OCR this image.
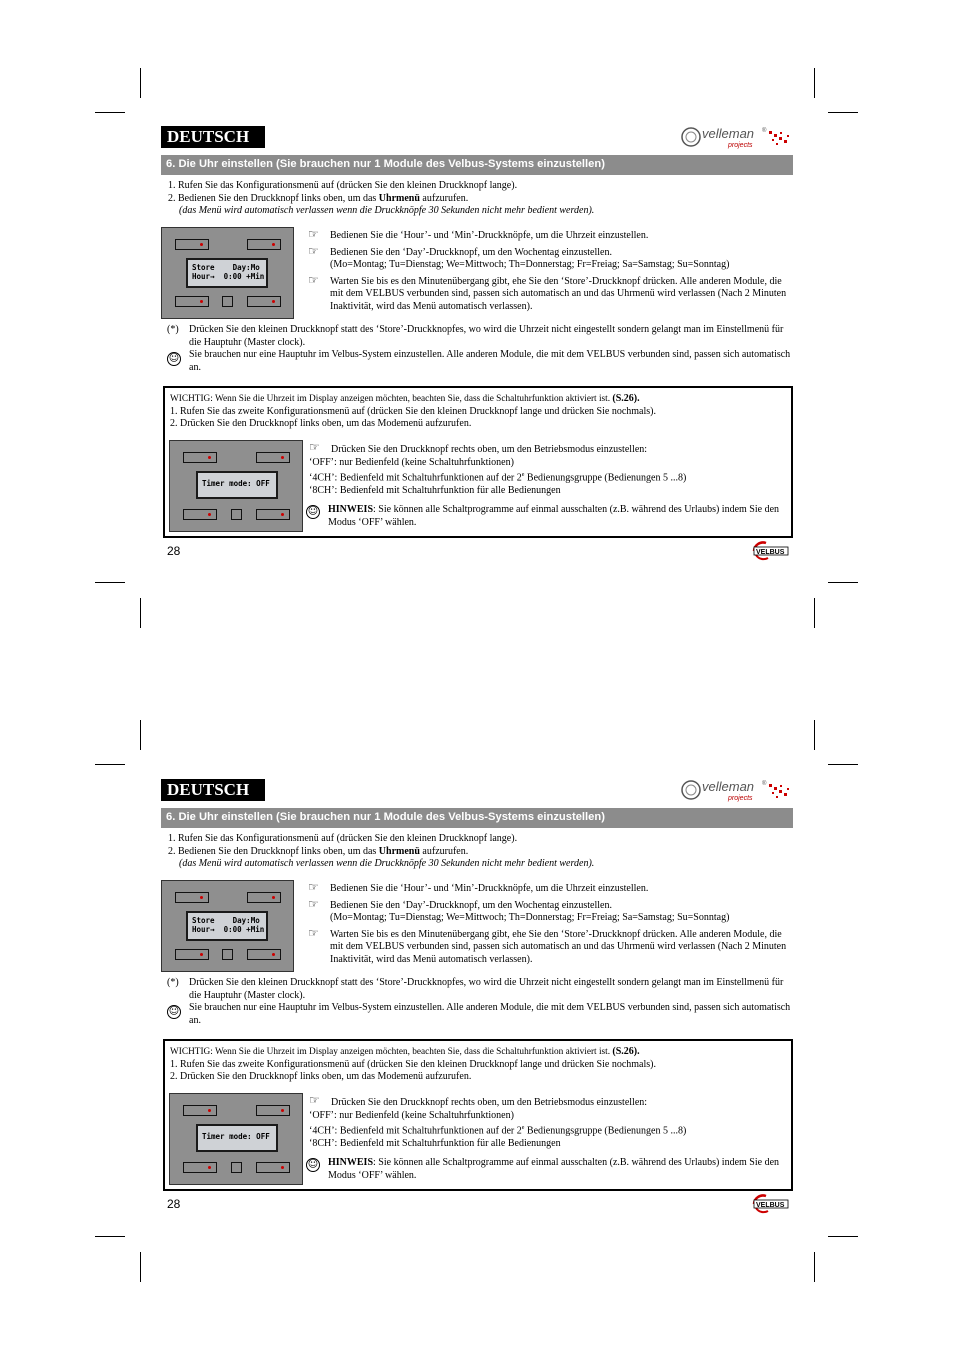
DEUTSCH	velleman
projects
®
6. Die Uhr einstellen (Sie brauchen nur 1 Module des Velbus-Systems einzustellen)
1. Rufen Sie das Konfigurationsmenü auf (drücken Sie den kleinen Druckknopf lange).
2. Bedienen Sie den Druckknopf links oben, um das Uhrmenü aufzurufen.
(das Menü wird automatisch verlassen wenn die Druckknöpfe 30 Sekunden nicht mehr bedient werden).
Store    Day:Mo
Hour→  0:00 +Min
☞ Bedienen Sie die ‘Hour’- und ‘Min’-Druckknöpfe, um die Uhrzeit einzustellen.
☞ Bedienen Sie den ‘Day’-Druckknopf, um den Wochentag einzustellen.
(Mo=Montag; Tu=Dienstag; We=Mittwoch; Th=Donnerstag; Fr=Freiag; Sa=Samstag; Su=Sonntag)
☞ Warten Sie bis es den Minutenübergang gibt, ehe Sie den ‘Store’-Druckknopf drücken. Alle anderen Module, die mit dem VELBUS verbunden sind, passen sich automatisch an und das Uhrmenü wird verlassen (Nach 2 Minuten Inaktivität, wird das Menü automatisch verlassen).
(*)	Drücken Sie den kleinen Druckknopf statt des ‘Store’-Druckknopfes, wo wird die Uhrzeit nicht eingestellt sondern gelangt man im Einstellmenü für die Hauptuhr (Master clock).
☺ Sie brauchen nur eine Hauptuhr im Velbus-System einzustellen. Alle anderen Module, die mit dem VELBUS verbunden sind, passen sich automatisch an.
WICHTIG: Wenn Sie die Uhrzeit im Display anzeigen möchten, beachten Sie, dass die Schaltuhrfunktion aktiviert ist. (S.26).
1. Rufen Sie das zweite Konfigurationsmenü auf (drücken Sie den kleinen Druckknopf lange und drücken Sie nochmals).
2. Drücken Sie den Druckknopf links oben, um das Modemenü aufzurufen.
Timer mode: OFF
☞ Drücken Sie den Druckknopf rechts oben, um den Betriebsmodus einzustellen:
‘OFF’: nur Bedienfeld (keine Schaltuhrfunktionen)
‘4CH’: Bedienfeld mit Schaltuhrfunktionen auf der 2e Bedienungsgruppe (Bedienungen 5 ...8)
‘8CH’: Bedienfeld mit Schaltuhrfunktion für alle Bedienungen
☺ HINWEIS: Sie können alle Schaltprogramme auf einmal ausschalten (z.B. während des Urlaubs) indem Sie den Modus ‘OFF’ wählen.
28	VELBUS
DEUTSCH	velleman
projects
®
6. Die Uhr einstellen (Sie brauchen nur 1 Module des Velbus-Systems einzustellen)
1. Rufen Sie das Konfigurationsmenü auf (drücken Sie den kleinen Druckknopf lange).
2. Bedienen Sie den Druckknopf links oben, um das Uhrmenü aufzurufen.
(das Menü wird automatisch verlassen wenn die Druckknöpfe 30 Sekunden nicht mehr bedient werden).
Store    Day:Mo
Hour→  0:00 +Min
☞ Bedienen Sie die ‘Hour’- und ‘Min’-Druckknöpfe, um die Uhrzeit einzustellen.
☞ Bedienen Sie den ‘Day’-Druckknopf, um den Wochentag einzustellen.
(Mo=Montag; Tu=Dienstag; We=Mittwoch; Th=Donnerstag; Fr=Freiag; Sa=Samstag; Su=Sonntag)
☞ Warten Sie bis es den Minutenübergang gibt, ehe Sie den ‘Store’-Druckknopf drücken. Alle anderen Module, die mit dem VELBUS verbunden sind, passen sich automatisch an und das Uhrmenü wird verlassen (Nach 2 Minuten Inaktivität, wird das Menü automatisch verlassen).
(*)	Drücken Sie den kleinen Druckknopf statt des ‘Store’-Druckknopfes, wo wird die Uhrzeit nicht eingestellt sondern gelangt man im Einstellmenü für die Hauptuhr (Master clock).
☺ Sie brauchen nur eine Hauptuhr im Velbus-System einzustellen. Alle anderen Module, die mit dem VELBUS verbunden sind, passen sich automatisch an.
WICHTIG: Wenn Sie die Uhrzeit im Display anzeigen möchten, beachten Sie, dass die Schaltuhrfunktion aktiviert ist. (S.26).
1. Rufen Sie das zweite Konfigurationsmenü auf (drücken Sie den kleinen Druckknopf lange und drücken Sie nochmals).
2. Drücken Sie den Druckknopf links oben, um das Modemenü aufzurufen.
Timer mode: OFF
☞ Drücken Sie den Druckknopf rechts oben, um den Betriebsmodus einzustellen:
‘OFF’: nur Bedienfeld (keine Schaltuhrfunktionen)
‘4CH’: Bedienfeld mit Schaltuhrfunktionen auf der 2e Bedienungsgruppe (Bedienungen 5 ...8)
‘8CH’: Bedienfeld mit Schaltuhrfunktion für alle Bedienungen
☺ HINWEIS: Sie können alle Schaltprogramme auf einmal ausschalten (z.B. während des Urlaubs) indem Sie den Modus ‘OFF’ wählen.
28	VELBUS
